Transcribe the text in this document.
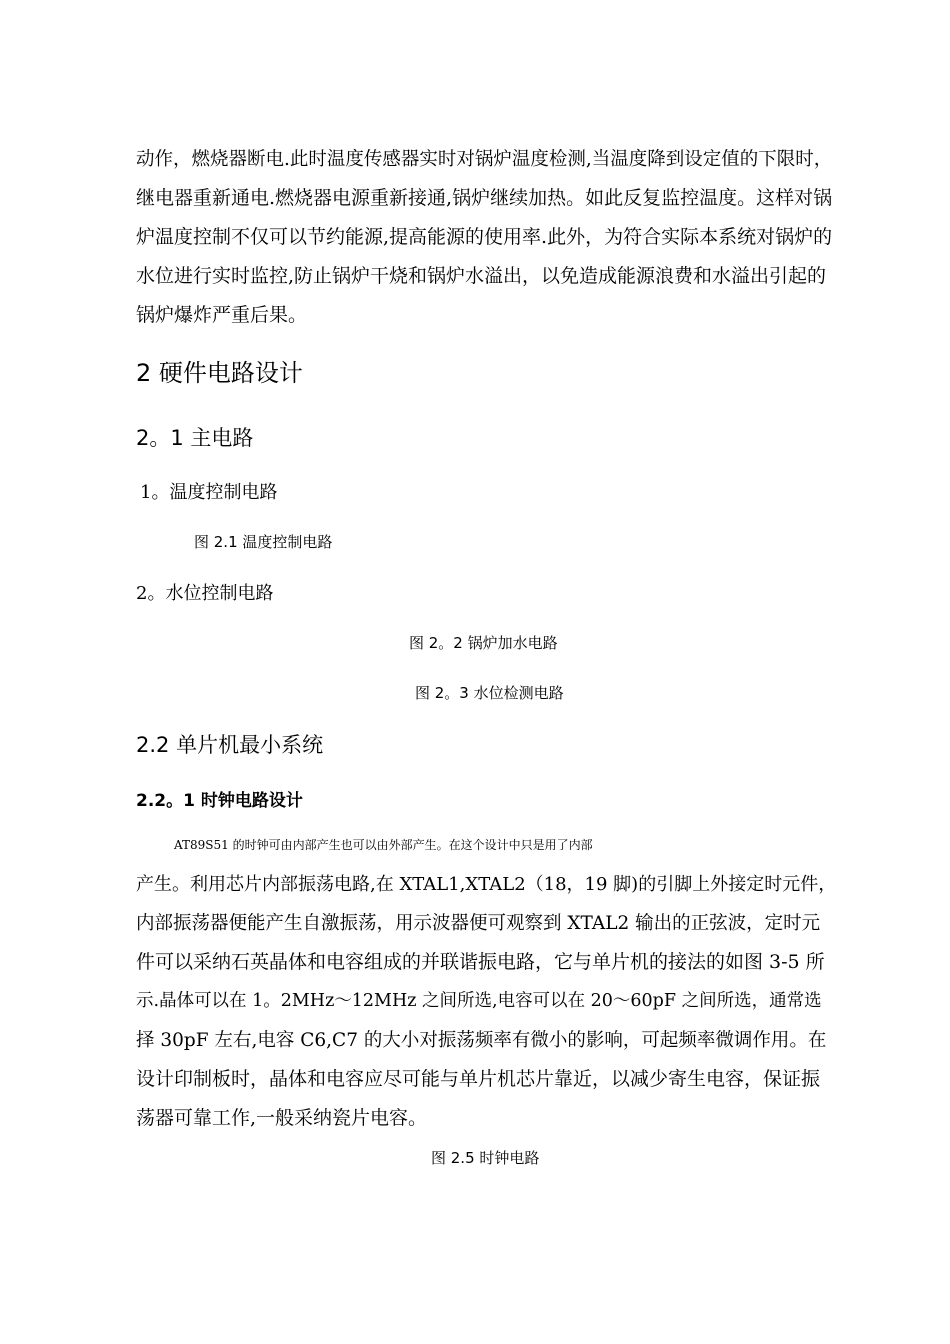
动作，燃烧器断电.此时温度传感器实时对锅炉温度检测,当温度降到设定值的下限时，
继电器重新通电.燃烧器电源重新接通,锅炉继续加热。如此反复监控温度。这样对锅
炉温度控制不仅可以节约能源,提高能源的使用率.此外，为符合实际本系统对锅炉的
水位进行实时监控,防止锅炉干烧和锅炉水溢出，以免造成能源浪费和水溢出引起的
锅炉爆炸严重后果。

2 硬件电路设计
2。1 主电路

1。温度控制电路

图 2.1 温度控制电路

2。水位控制电路

图 2。2 锅炉加水电路

图 2。3 水位检测电路

2.2 单片机最小系统
2.2。1 时钟电路设计

AT89S51 的时钟可由内部产生也可以由外部产生。在这个设计中只是用了内部
产生。利用芯片内部振荡电路,在 XTAL1,XTAL2（18，19 脚)的引脚上外接定时元件，
内部振荡器便能产生自激振荡，用示波器便可观察到 XTAL2 输出的正弦波，定时元
件可以采纳石英晶体和电容组成的并联谐振电路，它与单片机的接法的如图 3-5 所
示.晶体可以在 1。2MHz～12MHz 之间所选,电容可以在 20～60pF 之间所选，通常选
择 30pF 左右,电容 C6,C7 的大小对振荡频率有微小的影响，可起频率微调作用。在
设计印制板时，晶体和电容应尽可能与单片机芯片靠近，以减少寄生电容，保证振
荡器可靠工作,一般采纳瓷片电容。

图 2.5 时钟电路
